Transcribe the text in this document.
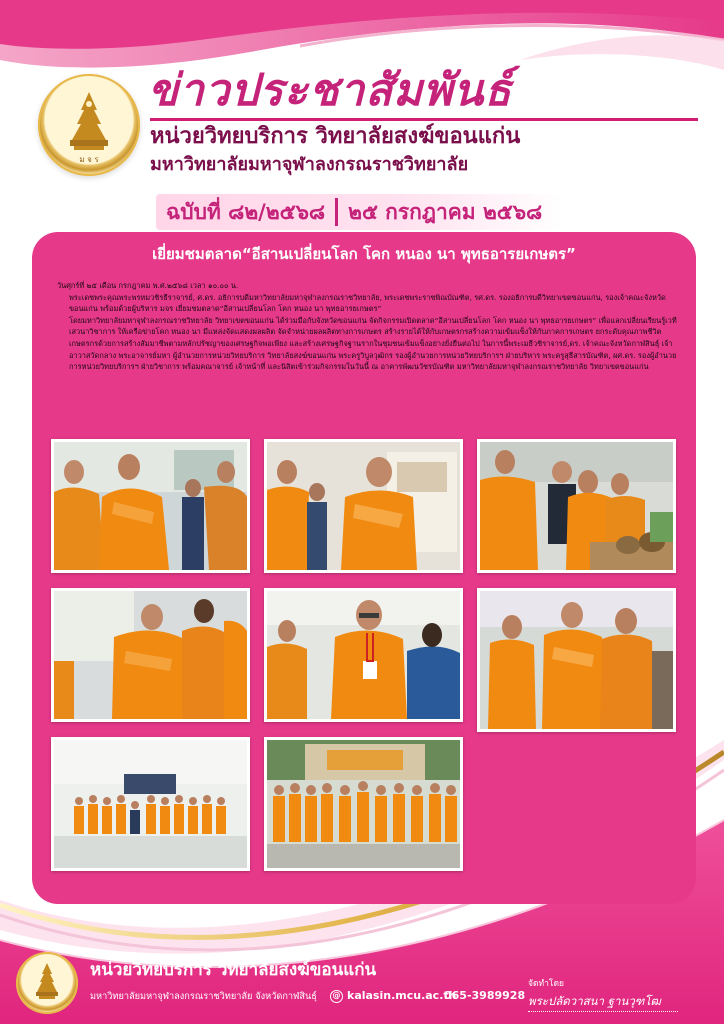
ม จ ร
ข่าวประชาสัมพันธ์
หน่วยวิทยบริการ วิทยาลัยสงฆ์ขอนแก่น
มหาวิทยาลัยมหาจุฬาลงกรณราชวิทยาลัย
ฉบับที่ ๘๒/๒๕๖๘ ๒๕ กรกฎาคม ๒๕๖๘
เยี่ยมชมตลาด“อีสานเปลี่ยนโลก โคก หนอง นา พุทธอารยเกษตร”

วันศุกร์ที่ ๒๕ เดือน กรกฎาคม พ.ศ.๒๕๖๘ เวลา ๑๐.๐๐ น.

พระเดชพระคุณพระพรหมวชิรธีราจารย์, ศ.ดร. อธิการบดีมหาวิทยาลัยมหาจุฬาลงกรณราชวิทยาลัย, พระเดชพระราชพิณบัณฑิต, รศ.ดร. รองอธิการบดีวิทยาเขตขอนแก่น, รองเจ้าคณะจังหวัดขอนแก่น พร้อมด้วยผู้บริหาร มจร เยี่ยมชมตลาด“อีสานเปลี่ยนโลก โคก หนอง นา พุทธอารยเกษตร”

โดยมหาวิทยาลัยมหาจุฬาลงกรณราชวิทยาลัย วิทยาเขตขอนแก่น ได้ร่วมมือกับจังหวัดขอนแก่น จัดกิจกรรมเปิดตลาด“อีสานเปลี่ยนโลก โคก หนอง นา พุทธอารยเกษตร” เพื่อแลกเปลี่ยนเรียนรู้เวทีเสวนาวิชาการ ให้เครือข่ายโคก หนอง นา มีแหล่งจัดแสดงผลผลิต จัดจำหน่ายผลผลิตทางการเกษตร สร้างรายได้ให้กับเกษตรกรสร้างความเข้มแข็งให้กับภาคการเกษตร ยกระดับคุณภาพชีวิตเกษตรกรด้วยการสร้างสัมมาชีพตามหลักปรัชญาของเศรษฐกิจพอเพียง และสร้างเศรษฐกิจฐานรากในชุมชนเข้มแข็งอย่างยั่งยืนต่อไป ในการนี้พระเมธีวชิราจารย์,ดร. เจ้าคณะจังหวัดกาฬสินธุ์ เจ้าอาวาสวัดกลาง พระอาจารย์มหา ผู้อำนวยการหน่วยวิทยบริการ วิทยาลัยสงฆ์ขอนแก่น พระครูวิบูลวุฒิกร รองผู้อำนวยการหน่วยวิทยบริการฯ ฝ่ายบริหาร พระครูสุธีสารบัณฑิต, ผศ.ดร. รองผู้อำนวยการหน่วยวิทยบริการฯ ฝ่ายวิชาการ พร้อมคณาจารย์ เจ้าหน้าที่ และนิสิตเข้าร่วมกิจกรรมในวันนี้ ณ อาคารพัฒนวัชรบัณฑิต มหาวิทยาลัยมหาจุฬาลงกรณราชวิทยาลัย วิทยาเขตขอนแก่น

หน่วยวิทยบริการ วิทยาลัยสงฆ์ขอนแก่น
มหาวิทยาลัยมหาจุฬาลงกรณราชวิทยาลัย จังหวัดกาฬสินธุ์	@ kalasin.mcu.ac.th
065-3989928
จัดทำโดย
พระปลัดวาสนา ฐานวุฑโฒ
